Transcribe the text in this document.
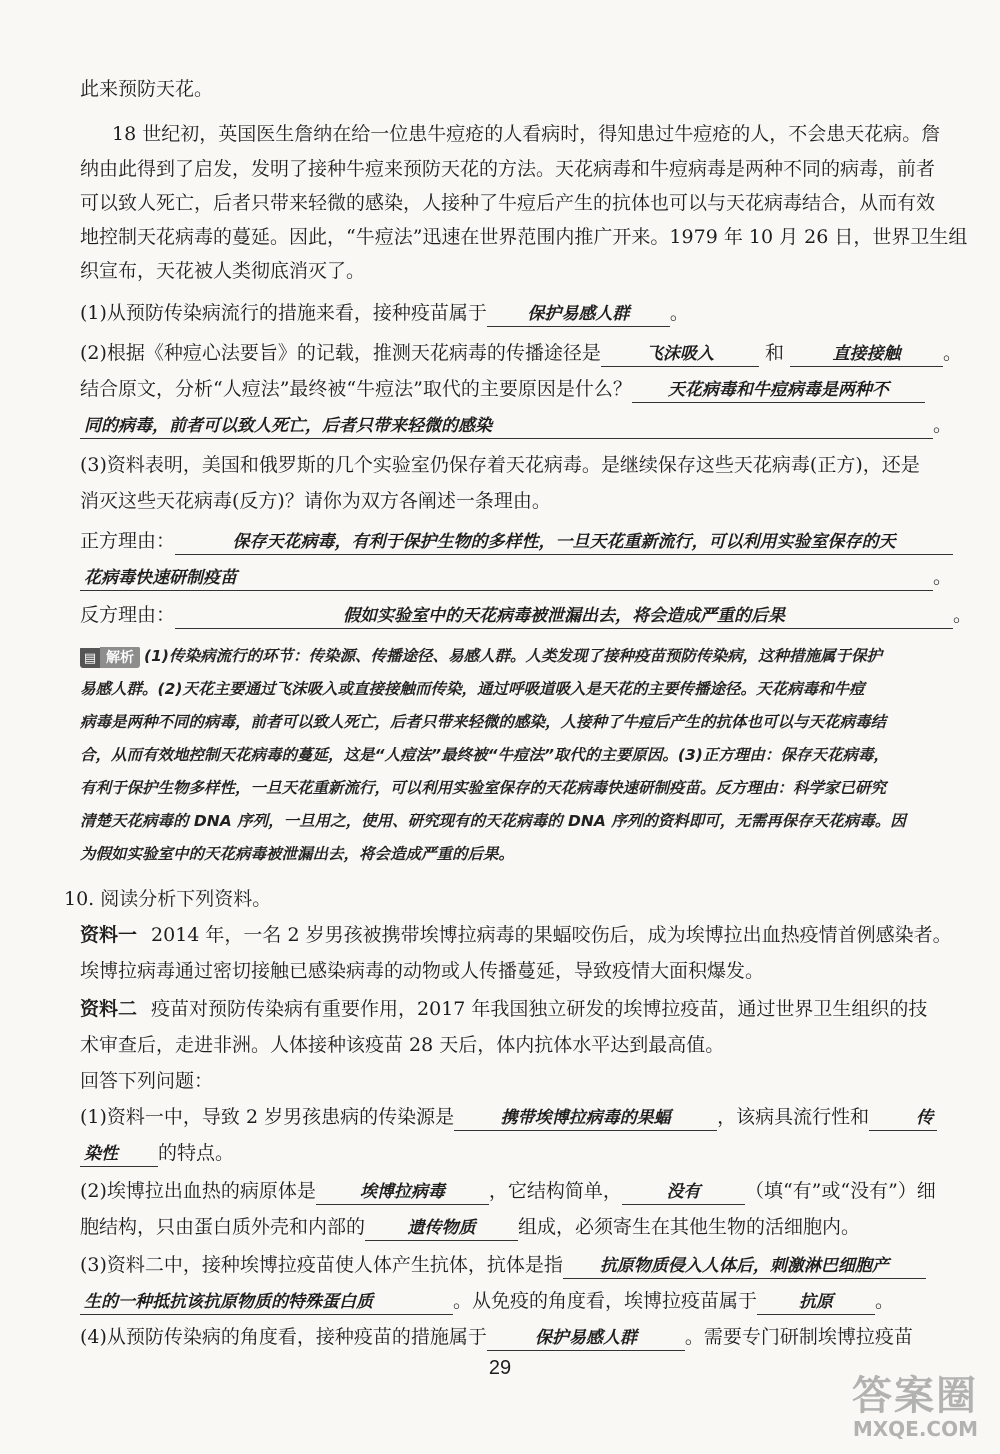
此来预防天花。
18 世纪初，英国医生詹纳在给一位患牛痘疮的人看病时，得知患过牛痘疮的人，不会患天花病。詹
纳由此得到了启发，发明了接种牛痘来预防天花的方法。天花病毒和牛痘病毒是两种不同的病毒，前者
可以致人死亡，后者只带来轻微的感染，人接种了牛痘后产生的抗体也可以与天花病毒结合，从而有效
地控制天花病毒的蔓延。因此，“牛痘法”迅速在世界范围内推广开来。1979 年 10 月 26 日，世界卫生组
织宣布，天花被人类彻底消灭了。
(1)从预防传染病流行的措施来看，接种疫苗属于 保护易感人群 。
(2)根据《种痘心法要旨》的记载，推测天花病毒的传播途径是	飞沫吸入	和	直接接触 。
结合原文，分析“人痘法”最终被“牛痘法”取代的主要原因是什么？ 天花病毒和牛痘病毒是两种不
同的病毒，前者可以致人死亡，后者只带来轻微的感染	。
(3)资料表明，美国和俄罗斯的几个实验室仍保存着天花病毒。是继续保存这些天花病毒(正方)，还是
消灭这些天花病毒(反方)？请你为双方各阐述一条理由。
正方理由：	保存天花病毒，有利于保护生物的多样性，一旦天花重新流行，可以利用实验室保存的天
花病毒快速研制疫苗	。
反方理由：	假如实验室中的天花病毒被泄漏出去，将会造成严重的后果	。
▤ 解析 (1)传染病流行的环节：传染源、传播途径、易感人群。人类发现了接种疫苗预防传染病，这种措施属于保护
易感人群。(2)天花主要通过飞沫吸入或直接接触而传染，通过呼吸道吸入是天花的主要传播途径。天花病毒和牛痘
病毒是两种不同的病毒，前者可以致人死亡，后者只带来轻微的感染，人接种了牛痘后产生的抗体也可以与天花病毒结
合，从而有效地控制天花病毒的蔓延，这是“人痘法”最终被“牛痘法”取代的主要原因。(3)正方理由：保存天花病毒，
有利于保护生物多样性，一旦天花重新流行，可以利用实验室保存的天花病毒快速研制疫苗。反方理由：科学家已研究
清楚天花病毒的 DNA 序列，一旦用之，使用、研究现有的天花病毒的 DNA 序列的资料即可，无需再保存天花病毒。因
为假如实验室中的天花病毒被泄漏出去，将会造成严重的后果。
10. 阅读分析下列资料。
资料一 2014 年，一名 2 岁男孩被携带埃博拉病毒的果蝠咬伤后，成为埃博拉出血热疫情首例感染者。
埃博拉病毒通过密切接触已感染病毒的动物或人传播蔓延，导致疫情大面积爆发。
资料二 疫苗对预防传染病有重要作用，2017 年我国独立研发的埃博拉疫苗，通过世界卫生组织的技
术审查后，走进非洲。人体接种该疫苗 28 天后，体内抗体水平达到最高值。
回答下列问题：
(1)资料一中，导致 2 岁男孩患病的传染源是	携带埃博拉病毒的果蝠 ，该病具流行性和	传
染性 的特点。
(2)埃博拉出血热的病原体是	埃博拉病毒 ，它结构简单，	没有 （填“有”或“没有”）细
胞结构，只由蛋白质外壳和内部的	遗传物质 组成，必须寄生在其他生物的活细胞内。
(3)资料二中，接种埃博拉疫苗使人体产生抗体，抗体是指 抗原物质侵入人体后，刺激淋巴细胞产
生的一种抵抗该抗原物质的特殊蛋白质	。从免疫的角度看，埃博拉疫苗属于 抗原 。
(4)从预防传染病的角度看，接种疫苗的措施属于	保护易感人群	。需要专门研制埃博拉疫苗
29
答案圈
MXQE.COM
